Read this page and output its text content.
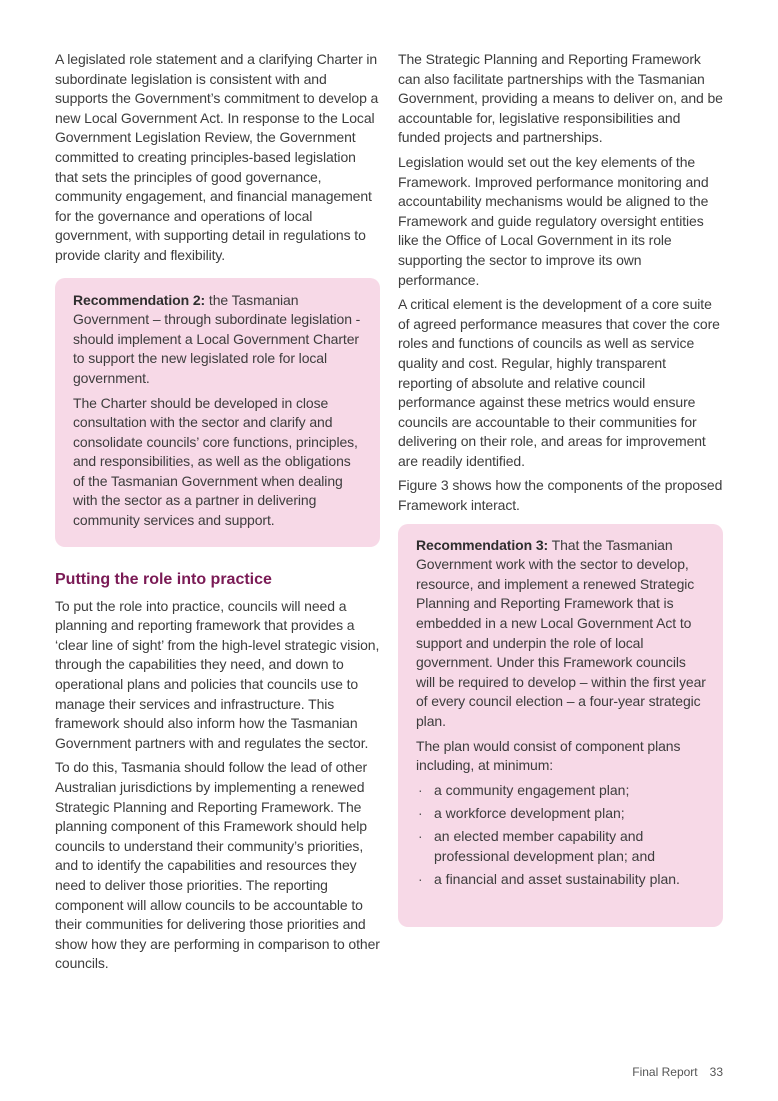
A legislated role statement and a clarifying Charter in subordinate legislation is consistent with and supports the Government’s commitment to develop a new Local Government Act. In response to the Local Government Legislation Review, the Government committed to creating principles-based legislation that sets the principles of good governance, community engagement, and financial management for the governance and operations of local government, with supporting detail in regulations to provide clarity and flexibility.

Recommendation 2: the Tasmanian Government – through subordinate legislation - should implement a Local Government Charter to support the new legislated role for local government.

The Charter should be developed in close consultation with the sector and clarify and consolidate councils’ core functions, principles, and responsibilities, as well as the obligations of the Tasmanian Government when dealing with the sector as a partner in delivering community services and support.

Putting the role into practice

To put the role into practice, councils will need a planning and reporting framework that provides a ‘clear line of sight’ from the high-level strategic vision, through the capabilities they need, and down to operational plans and policies that councils use to manage their services and infrastructure. This framework should also inform how the Tasmanian Government partners with and regulates the sector.

To do this, Tasmania should follow the lead of other Australian jurisdictions by implementing a renewed Strategic Planning and Reporting Framework. The planning component of this Framework should help councils to understand their community’s priorities, and to identify the capabilities and resources they need to deliver those priorities. The reporting component will allow councils to be accountable to their communities for delivering those priorities and show how they are performing in comparison to other councils.

The Strategic Planning and Reporting Framework can also facilitate partnerships with the Tasmanian Government, providing a means to deliver on, and be accountable for, legislative responsibilities and funded projects and partnerships.

Legislation would set out the key elements of the Framework. Improved performance monitoring and accountability mechanisms would be aligned to the Framework and guide regulatory oversight entities like the Office of Local Government in its role supporting the sector to improve its own performance.

A critical element is the development of a core suite of agreed performance measures that cover the core roles and functions of councils as well as service quality and cost. Regular, highly transparent reporting of absolute and relative council performance against these metrics would ensure councils are accountable to their communities for delivering on their role, and areas for improvement are readily identified.

Figure 3 shows how the components of the proposed Framework interact.

Recommendation 3: That the Tasmanian Government work with the sector to develop, resource, and implement a renewed Strategic Planning and Reporting Framework that is embedded in a new Local Government Act to support and underpin the role of local government. Under this Framework councils will be required to develop – within the first year of every council election – a four-year strategic plan.

The plan would consist of component plans including, at minimum:

· a community engagement plan;
· a workforce development plan;
· an elected member capability and professional development plan; and
· a financial and asset sustainability plan.
Final Report 33
